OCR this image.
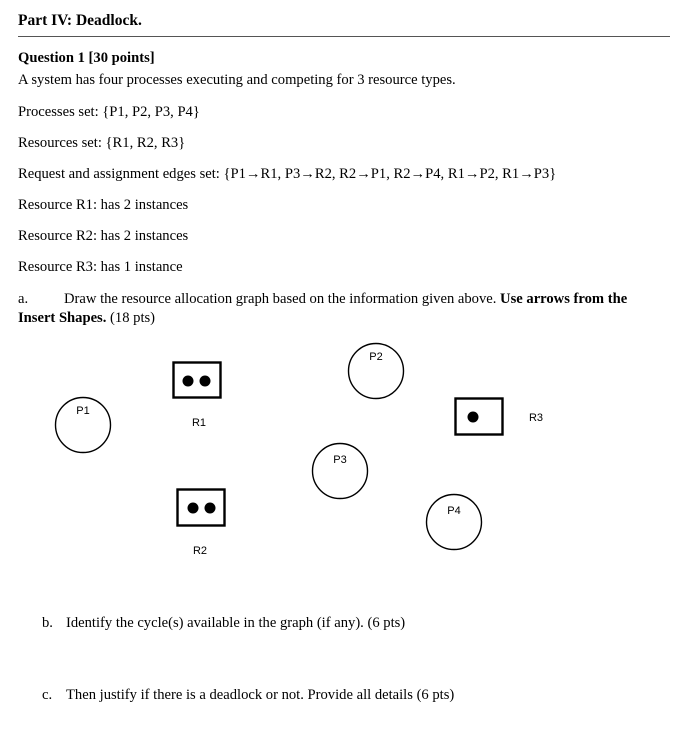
Part IV: Deadlock.
Question 1 [30 points]
A system has four processes executing and competing for 3 resource types.
Processes set: {P1, P2, P3, P4}
Resources set: {R1, R2, R3}
Request and assignment edges set: {P1→R1, P3→R2, R2→P1, R2→P4, R1→P2, R1→P3}
Resource R1: has 2 instances
Resource R2: has 2 instances
Resource R3: has 1 instance
a. Draw the resource allocation graph based on the information given above. Use arrows from the Insert Shapes. (18 pts)
P1
P2
P3
P4
R1
R2
R3
b. Identify the cycle(s) available in the graph (if any). (6 pts)
c. Then justify if there is a deadlock or not. Provide all details (6 pts)
